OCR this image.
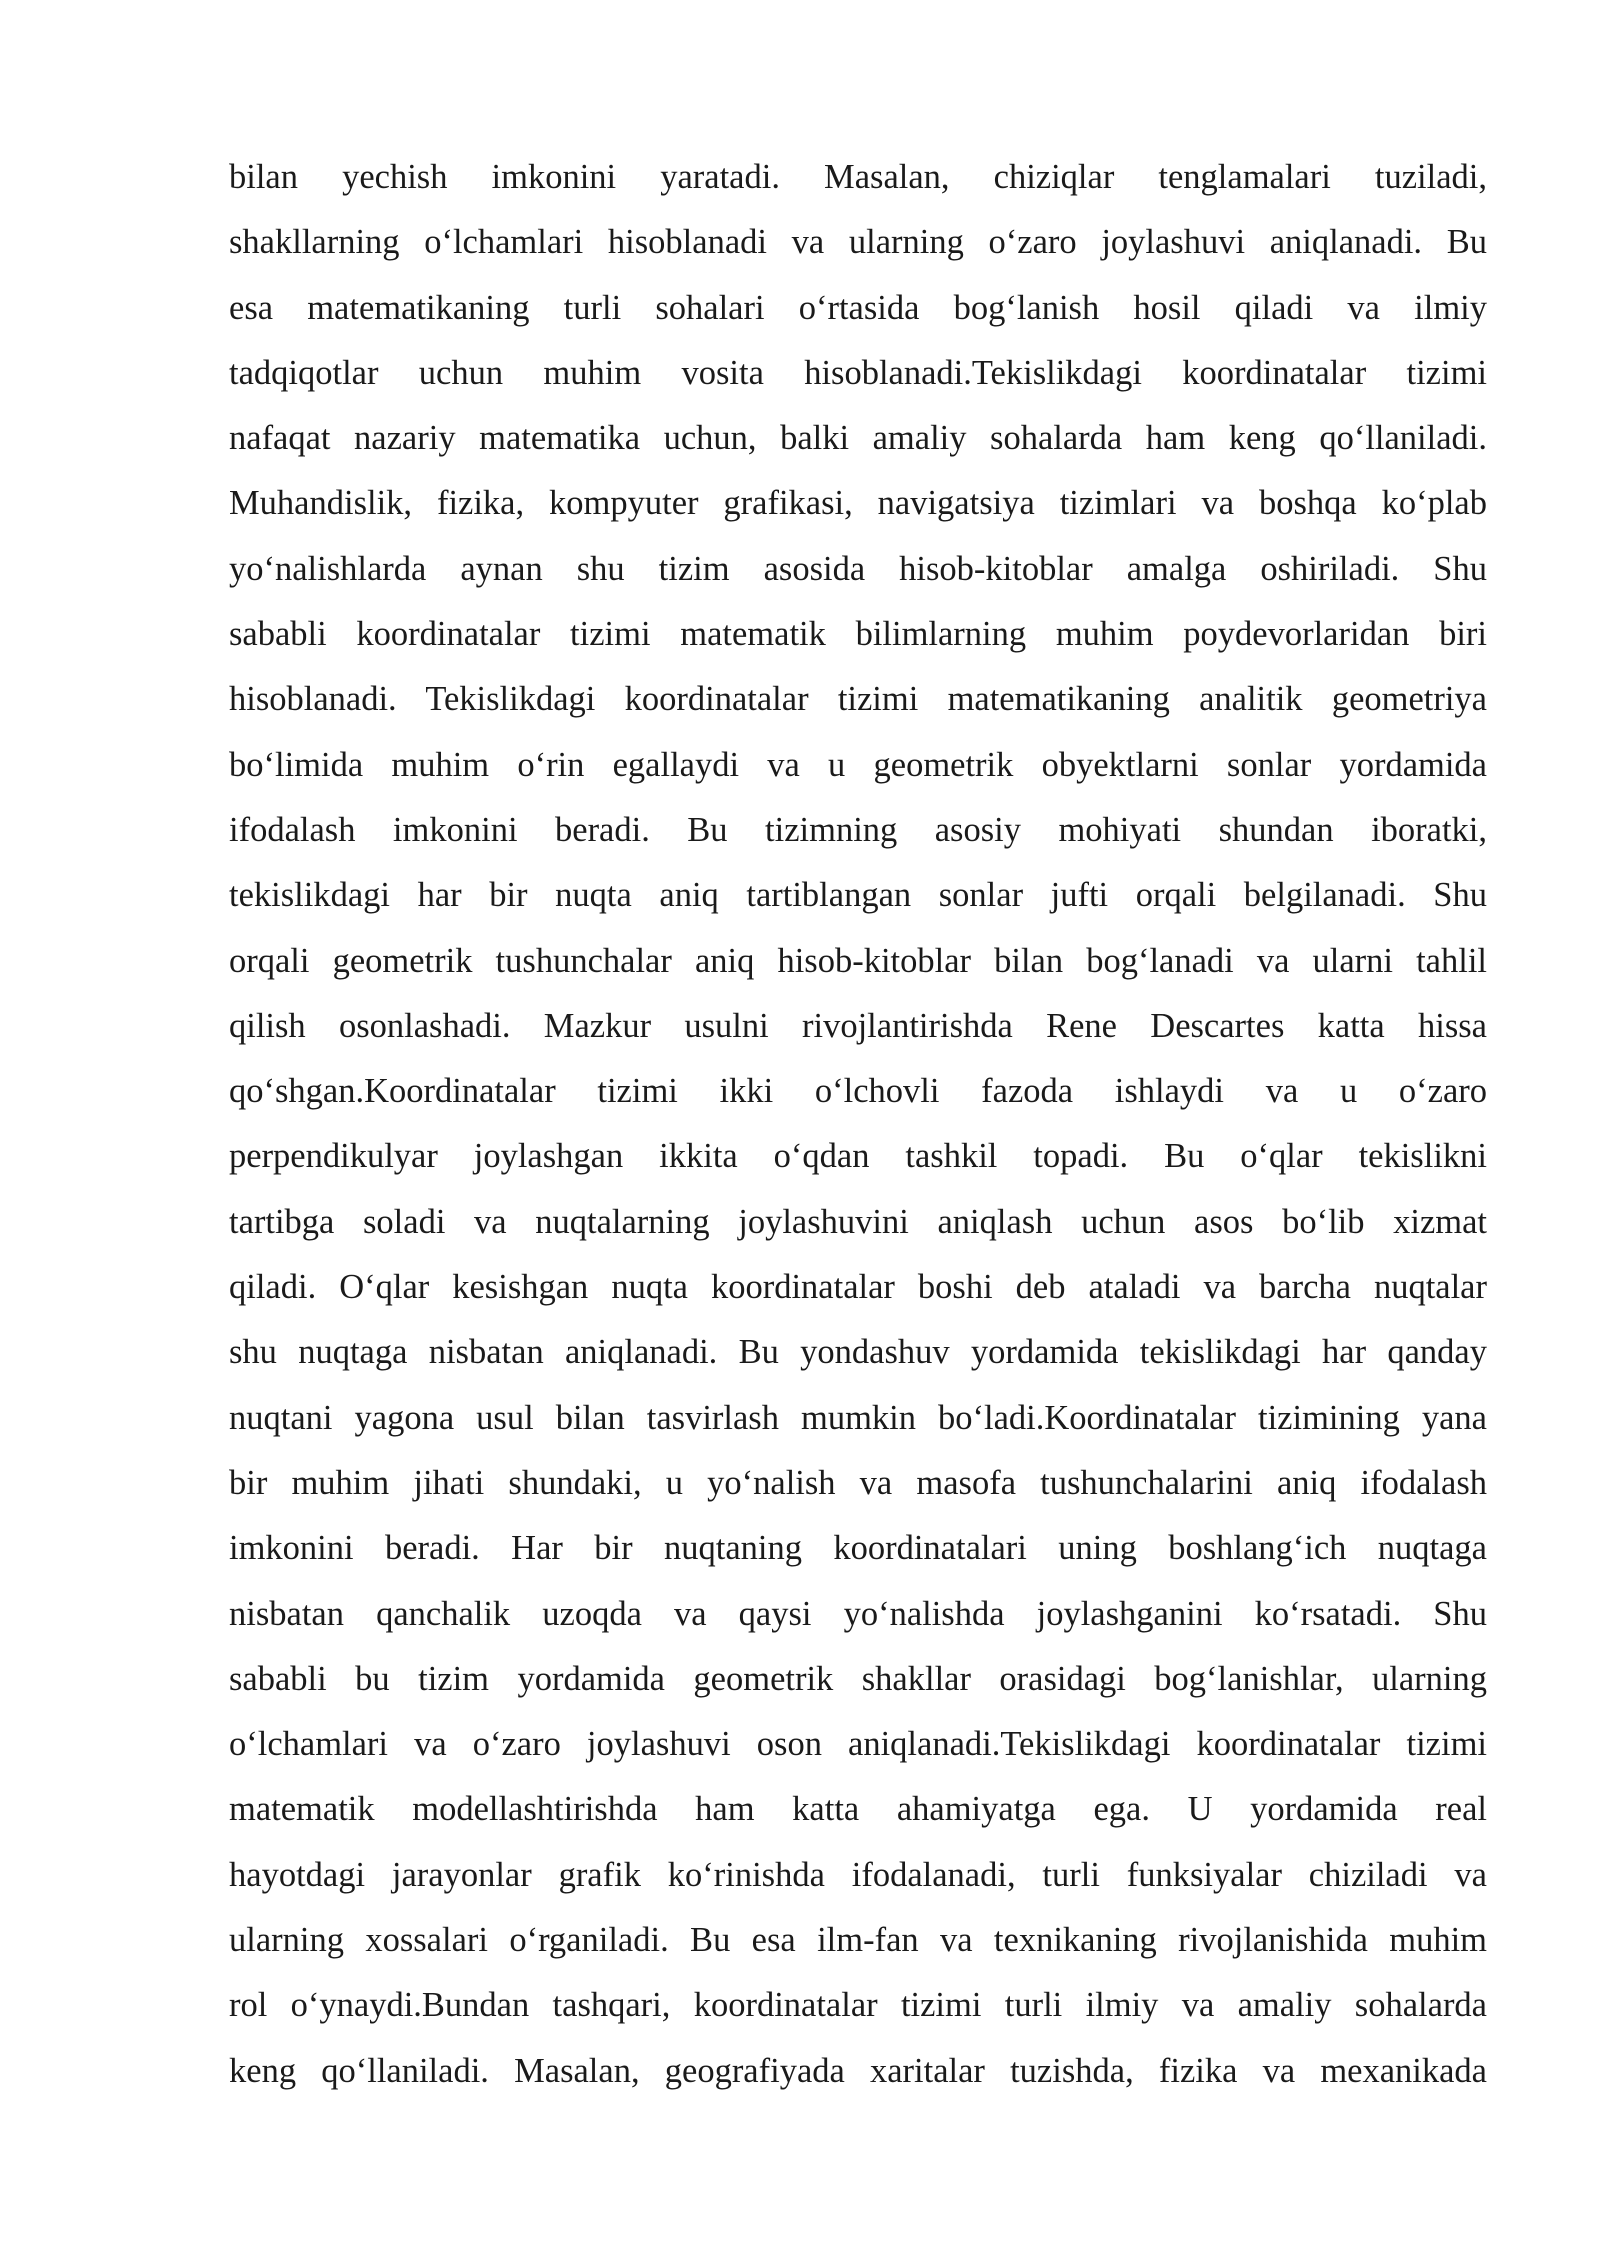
bilan yechish imkonini yaratadi. Masalan, chiziqlar tenglamalari tuziladi,
shakllarning o‘lchamlari hisoblanadi va ularning o‘zaro joylashuvi aniqlanadi. Bu
esa matematikaning turli sohalari o‘rtasida bog‘lanish hosil qiladi va ilmiy
tadqiqotlar uchun muhim vosita hisoblanadi.Tekislikdagi koordinatalar tizimi
nafaqat nazariy matematika uchun, balki amaliy sohalarda ham keng qo‘llaniladi.
Muhandislik, fizika, kompyuter grafikasi, navigatsiya tizimlari va boshqa ko‘plab
yo‘nalishlarda aynan shu tizim asosida hisob-kitoblar amalga oshiriladi. Shu
sababli koordinatalar tizimi matematik bilimlarning muhim poydevorlaridan biri
hisoblanadi. Tekislikdagi koordinatalar tizimi matematikaning analitik geometriya
bo‘limida muhim o‘rin egallaydi va u geometrik obyektlarni sonlar yordamida
ifodalash imkonini beradi. Bu tizimning asosiy mohiyati shundan iboratki,
tekislikdagi har bir nuqta aniq tartiblangan sonlar jufti orqali belgilanadi. Shu
orqali geometrik tushunchalar aniq hisob-kitoblar bilan bog‘lanadi va ularni tahlil
qilish osonlashadi. Mazkur usulni rivojlantirishda Rene Descartes katta hissa
qo‘shgan.Koordinatalar tizimi ikki o‘lchovli fazoda ishlaydi va u o‘zaro
perpendikulyar joylashgan ikkita o‘qdan tashkil topadi. Bu o‘qlar tekislikni
tartibga soladi va nuqtalarning joylashuvini aniqlash uchun asos bo‘lib xizmat
qiladi. O‘qlar kesishgan nuqta koordinatalar boshi deb ataladi va barcha nuqtalar
shu nuqtaga nisbatan aniqlanadi. Bu yondashuv yordamida tekislikdagi har qanday
nuqtani yagona usul bilan tasvirlash mumkin bo‘ladi.Koordinatalar tizimining yana
bir muhim jihati shundaki, u yo‘nalish va masofa tushunchalarini aniq ifodalash
imkonini beradi. Har bir nuqtaning koordinatalari uning boshlang‘ich nuqtaga
nisbatan qanchalik uzoqda va qaysi yo‘nalishda joylashganini ko‘rsatadi. Shu
sababli bu tizim yordamida geometrik shakllar orasidagi bog‘lanishlar, ularning
o‘lchamlari va o‘zaro joylashuvi oson aniqlanadi.Tekislikdagi koordinatalar tizimi
matematik modellashtirishda ham katta ahamiyatga ega. U yordamida real
hayotdagi jarayonlar grafik ko‘rinishda ifodalanadi, turli funksiyalar chiziladi va
ularning xossalari o‘rganiladi. Bu esa ilm-fan va texnikaning rivojlanishida muhim
rol o‘ynaydi.Bundan tashqari, koordinatalar tizimi turli ilmiy va amaliy sohalarda
keng qo‘llaniladi. Masalan, geografiyada xaritalar tuzishda, fizika va mexanikada
